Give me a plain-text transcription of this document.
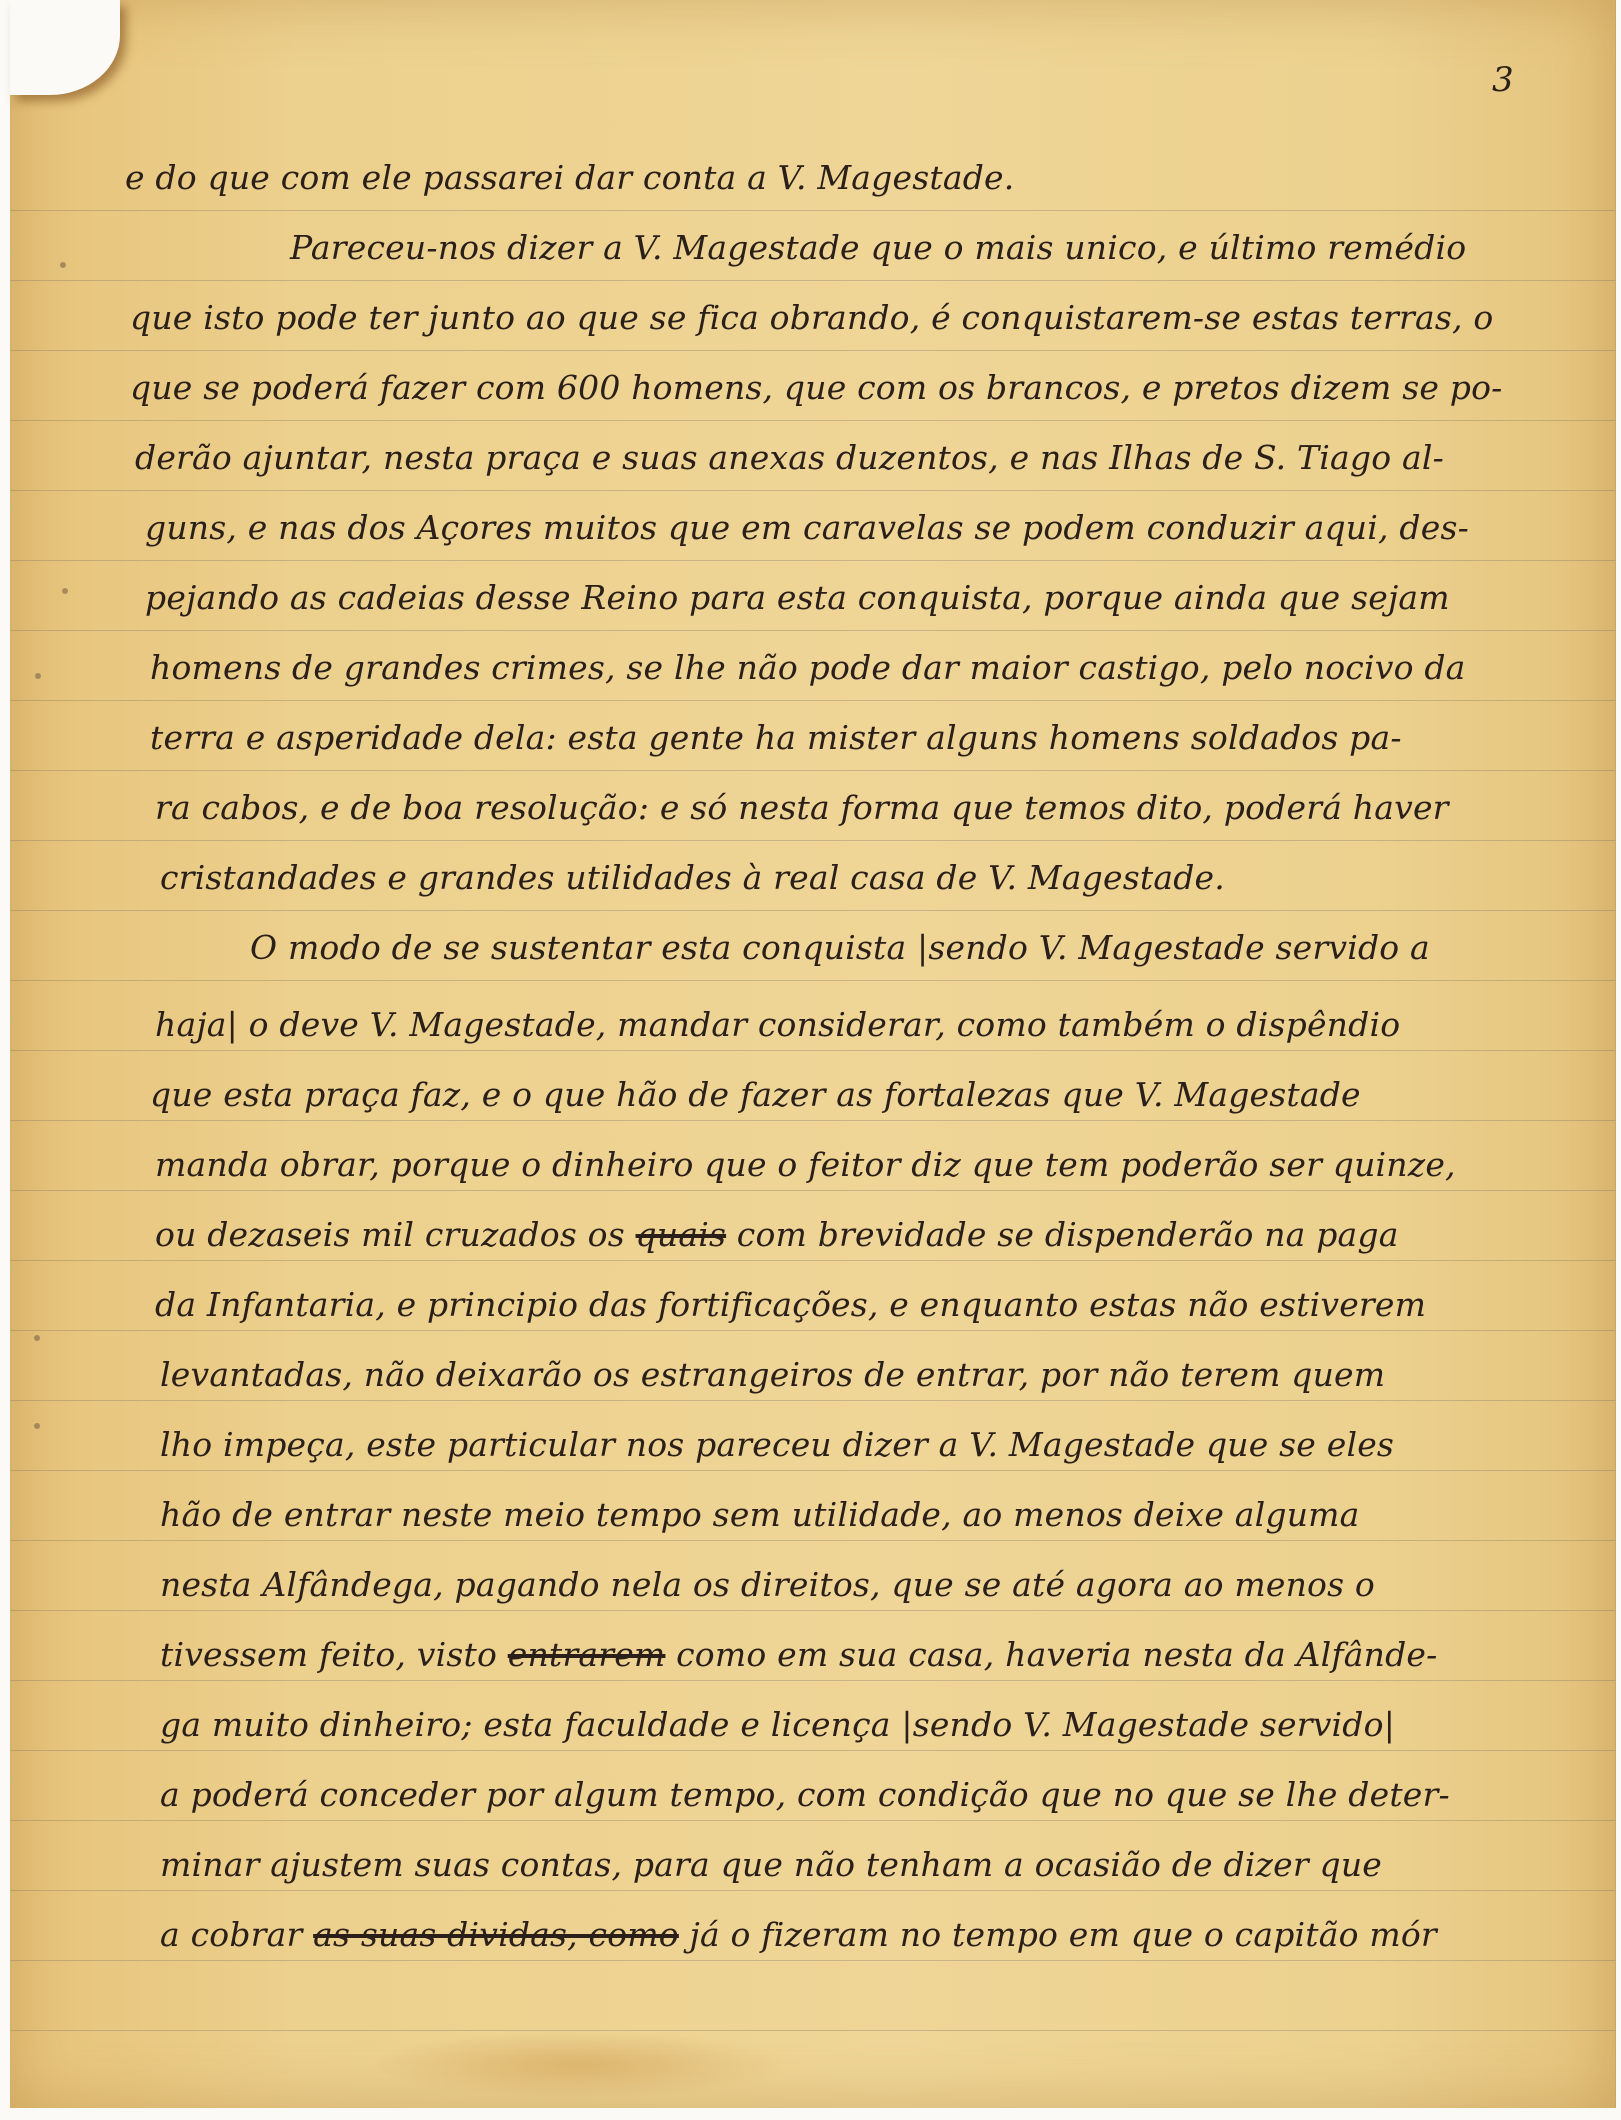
3
e do que com ele passarei dar conta a V. Magestade.
Pareceu-nos dizer a V. Magestade que o mais unico, e último remédio
que isto pode ter junto ao que se fica obrando, é conquistarem-se estas terras, o
que se poderá fazer com 600 homens, que com os brancos, e pretos dizem se po-
derão ajuntar, nesta praça e suas anexas duzentos, e nas Ilhas de S. Tiago al-
guns, e nas dos Açores muitos que em caravelas se podem conduzir aqui, des-
pejando as cadeias desse Reino para esta conquista, porque ainda que sejam
homens de grandes crimes, se lhe não pode dar maior castigo, pelo nocivo da
terra e asperidade dela: esta gente ha mister alguns homens soldados pa-
ra cabos, e de boa resolução: e só nesta forma que temos dito, poderá haver
cristandades e grandes utilidades à real casa de V. Magestade.
O modo de se sustentar esta conquista |sendo V. Magestade servido a
haja| o deve V. Magestade, mandar considerar, como também o dispêndio
que esta praça faz, e o que hão de fazer as fortalezas que V. Magestade
manda obrar, porque o dinheiro que o feitor diz que tem poderão ser quinze,
ou dezaseis mil cruzados os quais com brevidade se dispenderão na paga
da Infantaria, e principio das fortificações, e enquanto estas não estiverem
levantadas, não deixarão os estrangeiros de entrar, por não terem quem
lho impeça, este particular nos pareceu dizer a V. Magestade que se eles
hão de entrar neste meio tempo sem utilidade, ao menos deixe alguma
nesta Alfândega, pagando nela os direitos, que se até agora ao menos o
tivessem feito, visto entrarem como em sua casa, haveria nesta da Alfânde-
ga muito dinheiro; esta faculdade e licença |sendo V. Magestade servido|
a poderá conceder por algum tempo, com condição que no que se lhe deter-
minar ajustem suas contas, para que não tenham a ocasião de dizer que
a cobrar as suas dividas, como já o fizeram no tempo em que o capitão mór
